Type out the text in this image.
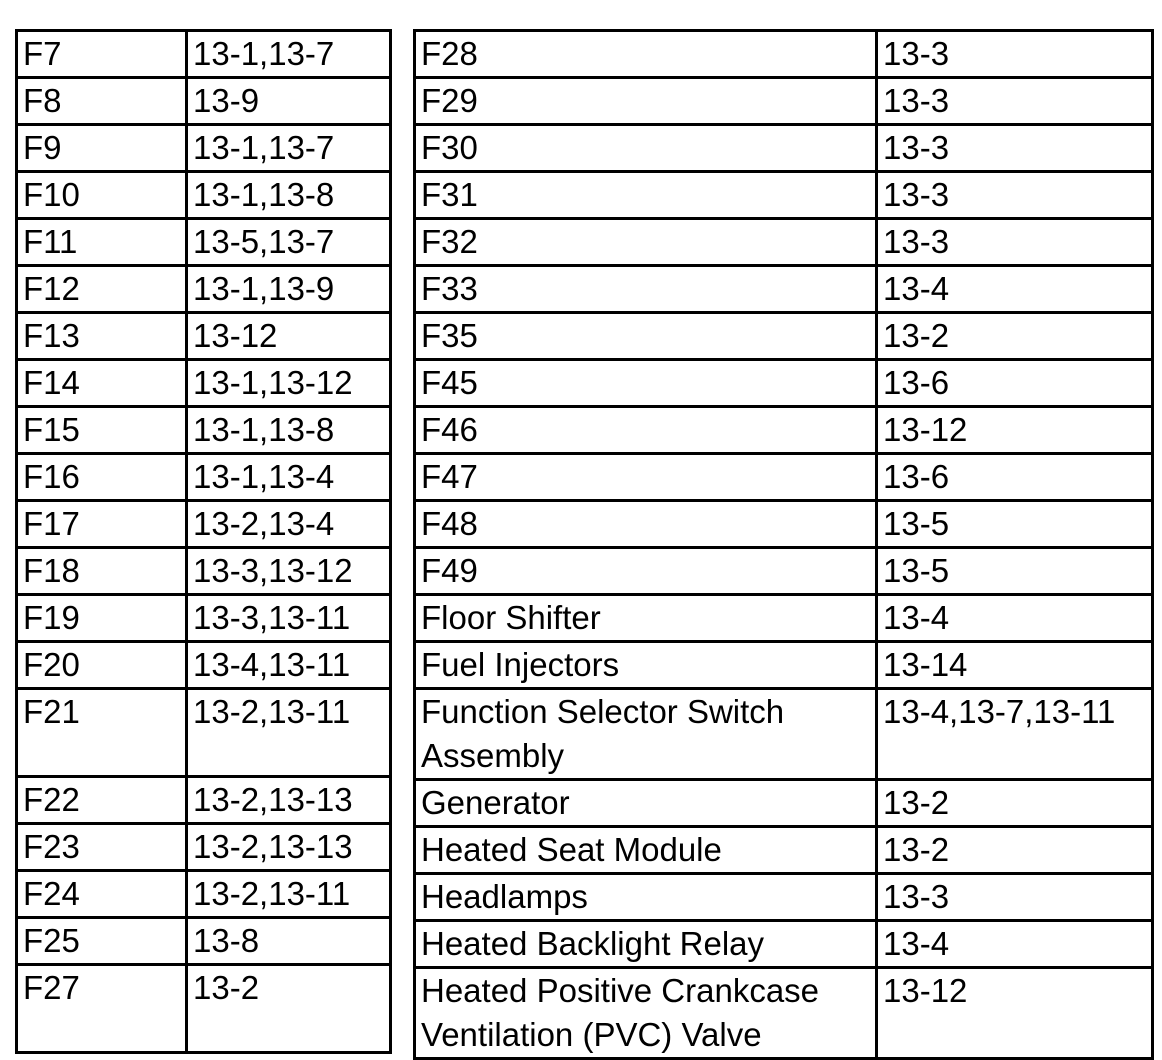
F7	13-1,13-7
F8	13-9
F9	13-1,13-7
F10	13-1,13-8
F11	13-5,13-7
F12	13-1,13-9
F13	13-12
F14	13-1,13-12
F15	13-1,13-8
F16	13-1,13-4
F17	13-2,13-4
F18	13-3,13-12
F19	13-3,13-11
F20	13-4,13-11
F21	13-2,13-11
F22	13-2,13-13
F23	13-2,13-13
F24	13-2,13-11
F25	13-8
F27	13-2
F28	13-3
F29	13-3
F30	13-3
F31	13-3
F32	13-3
F33	13-4
F35	13-2
F45	13-6
F46	13-12
F47	13-6
F48	13-5
F49	13-5
Floor Shifter	13-4
Fuel Injectors	13-14
Function Selector Switch Assembly	13-4,13-7,13-11
Generator	13-2
Heated Seat Module	13-2
Headlamps	13-3
Heated Backlight Relay	13-4
Heated Positive Crankcase Ventilation (PVC) Valve	13-12
